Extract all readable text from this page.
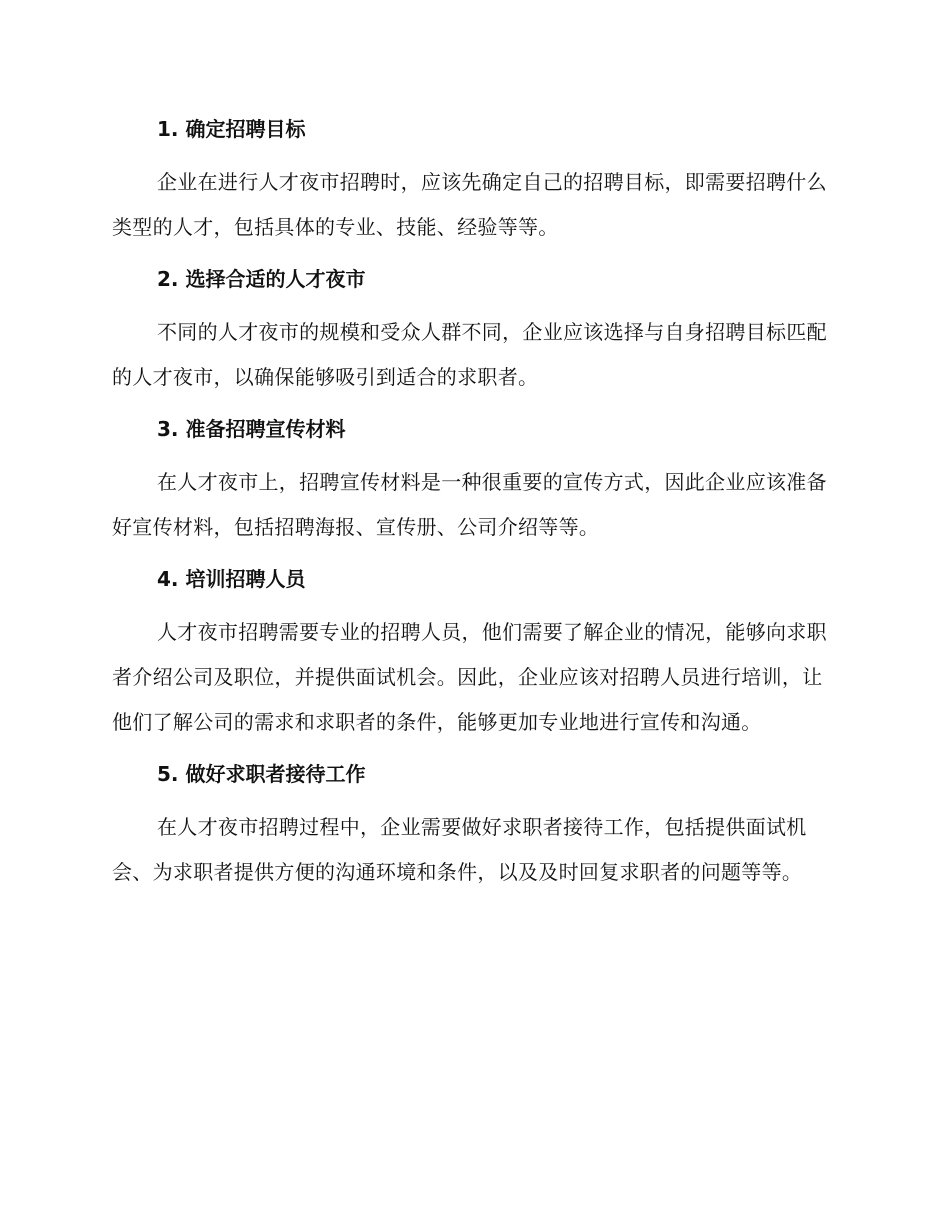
1. 确定招聘目标

企业在进行人才夜市招聘时，应该先确定自己的招聘目标，即需要招聘什么类型的人才，包括具体的专业、技能、经验等等。

2. 选择合适的人才夜市

不同的人才夜市的规模和受众人群不同，企业应该选择与自身招聘目标匹配的人才夜市，以确保能够吸引到适合的求职者。

3. 准备招聘宣传材料

在人才夜市上，招聘宣传材料是一种很重要的宣传方式，因此企业应该准备好宣传材料，包括招聘海报、宣传册、公司介绍等等。

4. 培训招聘人员

人才夜市招聘需要专业的招聘人员，他们需要了解企业的情况，能够向求职者介绍公司及职位，并提供面试机会。因此，企业应该对招聘人员进行培训，让他们了解公司的需求和求职者的条件，能够更加专业地进行宣传和沟通。

5. 做好求职者接待工作

在人才夜市招聘过程中，企业需要做好求职者接待工作，包括提供面试机会、为求职者提供方便的沟通环境和条件，以及及时回复求职者的问题等等。
